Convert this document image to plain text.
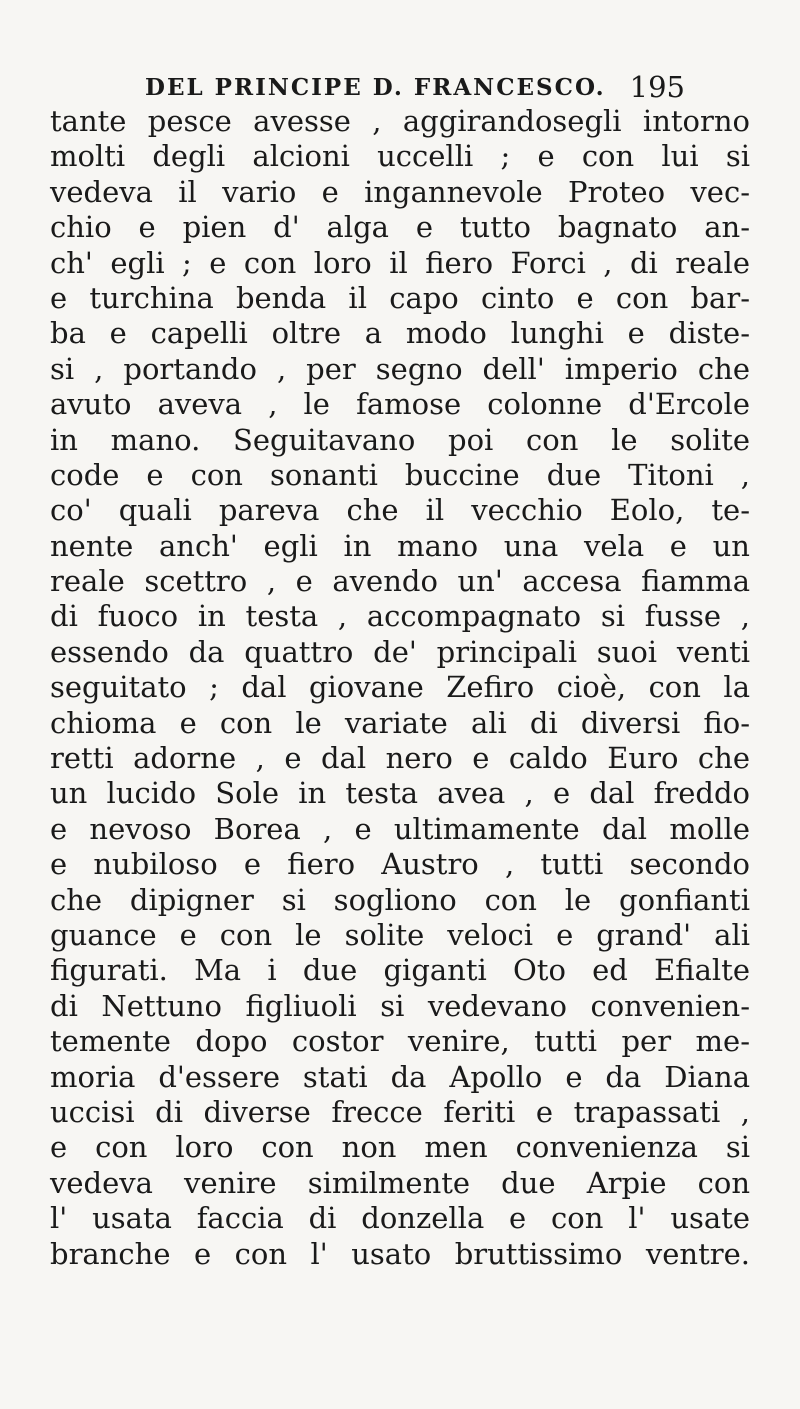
DEL PRINCIPE D. FRANCESCO. 195
tante pesce avesse , aggirandosegli intorno
molti degli alcioni uccelli ; e con lui si
vedeva il vario e ingannevole Proteo vec-
chio e pien d' alga e tutto bagnato an-
ch' egli ; e con loro il fiero Forci , di reale
e turchina benda il capo cinto e con bar-
ba e capelli oltre a modo lunghi e diste-
si , portando , per segno dell' imperio che
avuto aveva , le famose colonne d'Ercole
in mano. Seguitavano poi con le solite
code e con sonanti buccine due Titoni ,
co' quali pareva che il vecchio Eolo, te-
nente anch' egli in mano una vela e un
reale scettro , e avendo un' accesa fiamma
di fuoco in testa , accompagnato si fusse ,
essendo da quattro de' principali suoi venti
seguitato ; dal giovane Zefiro cioè, con la
chioma e con le variate ali di diversi fio-
retti adorne , e dal nero e caldo Euro che
un lucido Sole in testa avea , e dal freddo
e nevoso Borea , e ultimamente dal molle
e nubiloso e fiero Austro , tutti secondo
che dipigner si sogliono con le gonfianti
guance e con le solite veloci e grand' ali
figurati. Ma i due giganti Oto ed Efialte
di Nettuno figliuoli si vedevano convenien-
temente dopo costor venire, tutti per me-
moria d'essere stati da Apollo e da Diana
uccisi di diverse frecce feriti e trapassati ,
e con loro con non men convenienza si
vedeva venire similmente due Arpie con
l' usata faccia di donzella e con l' usate
branche e con l' usato bruttissimo ventre.
